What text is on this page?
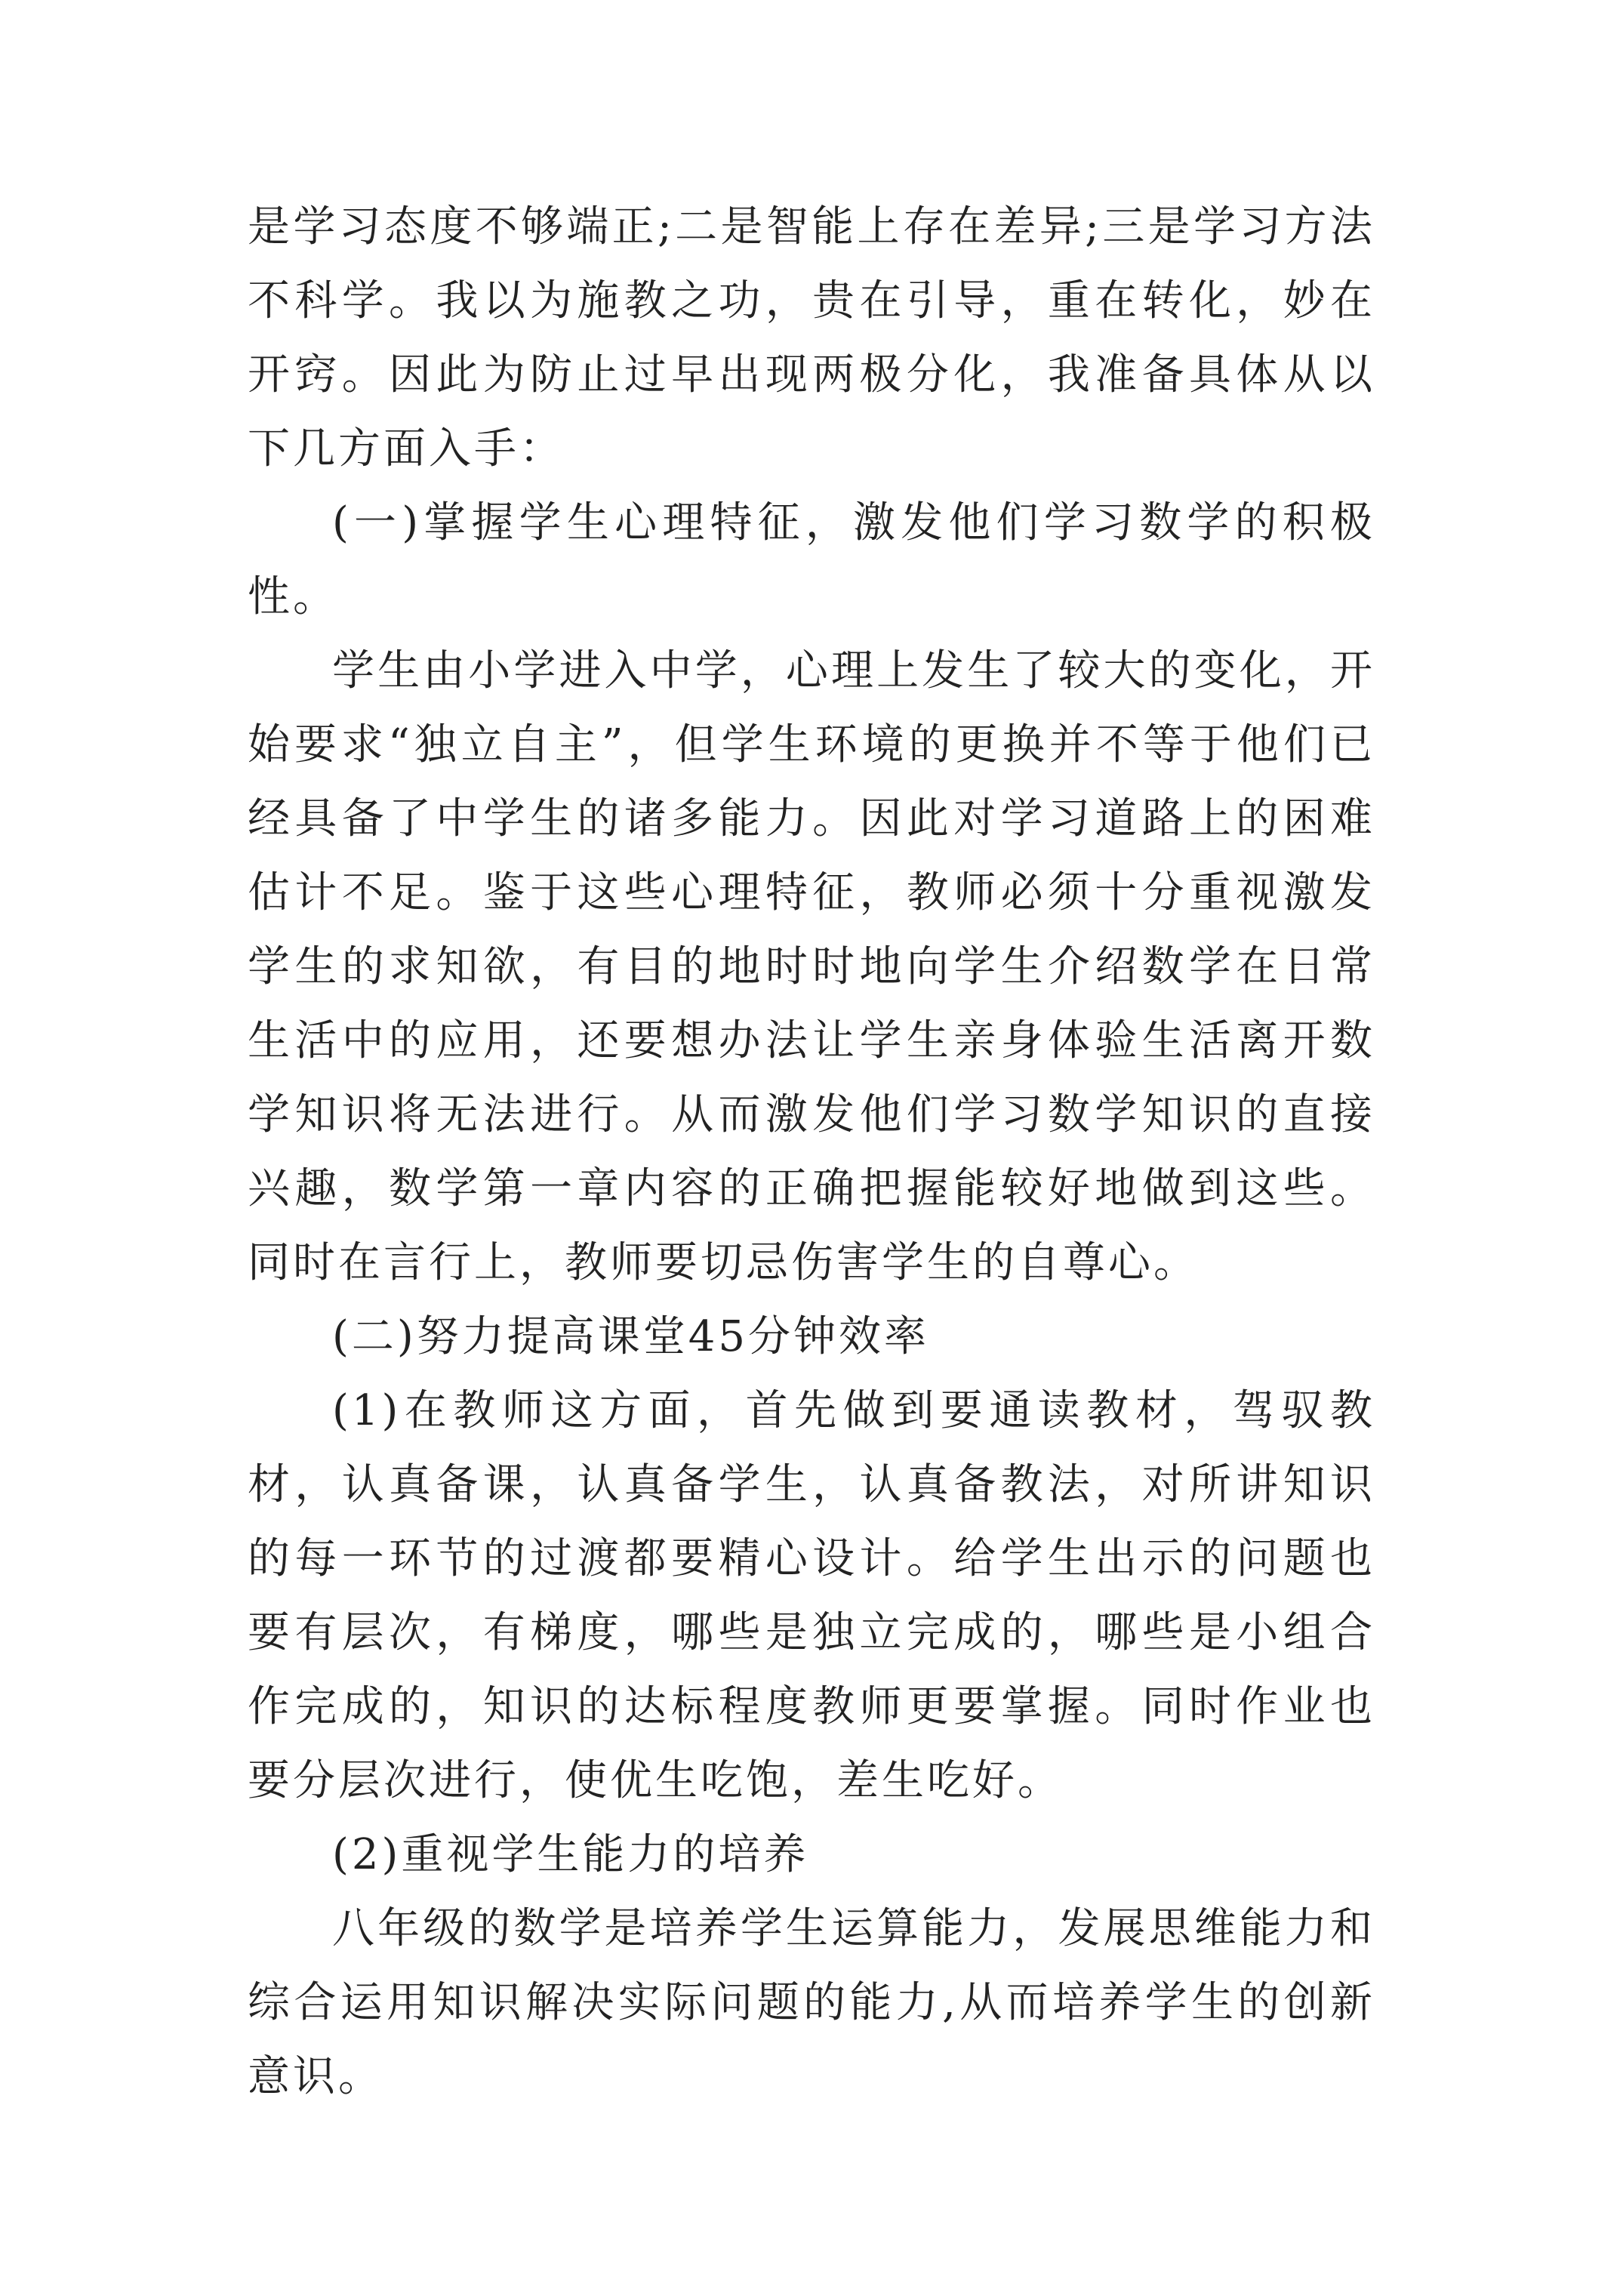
是学习态度不够端正;二是智能上存在差异;三是学习方法不科学。我以为施教之功，贵在引导，重在转化，妙在开窍。因此为防止过早出现两极分化，我准备具体从以下几方面入手：

(一)掌握学生心理特征，激发他们学习数学的积极性。

学生由小学进入中学，心理上发生了较大的变化，开始要求“独立自主”，但学生环境的更换并不等于他们已经具备了中学生的诸多能力。因此对学习道路上的困难估计不足。鉴于这些心理特征，教师必须十分重视激发学生的求知欲，有目的地时时地向学生介绍数学在日常生活中的应用，还要想办法让学生亲身体验生活离开数学知识将无法进行。从而激发他们学习数学知识的直接兴趣，数学第一章内容的正确把握能较好地做到这些。同时在言行上，教师要切忌伤害学生的自尊心。

(二)努力提高课堂45分钟效率

(1)在教师这方面，首先做到要通读教材，驾驭教材，认真备课，认真备学生，认真备教法，对所讲知识的每一环节的过渡都要精心设计。给学生出示的问题也要有层次，有梯度，哪些是独立完成的，哪些是小组合作完成的，知识的达标程度教师更要掌握。同时作业也要分层次进行，使优生吃饱，差生吃好。

(2)重视学生能力的培养

八年级的数学是培养学生运算能力，发展思维能力和综合运用知识解决实际问题的能力,从而培养学生的创新意识。
